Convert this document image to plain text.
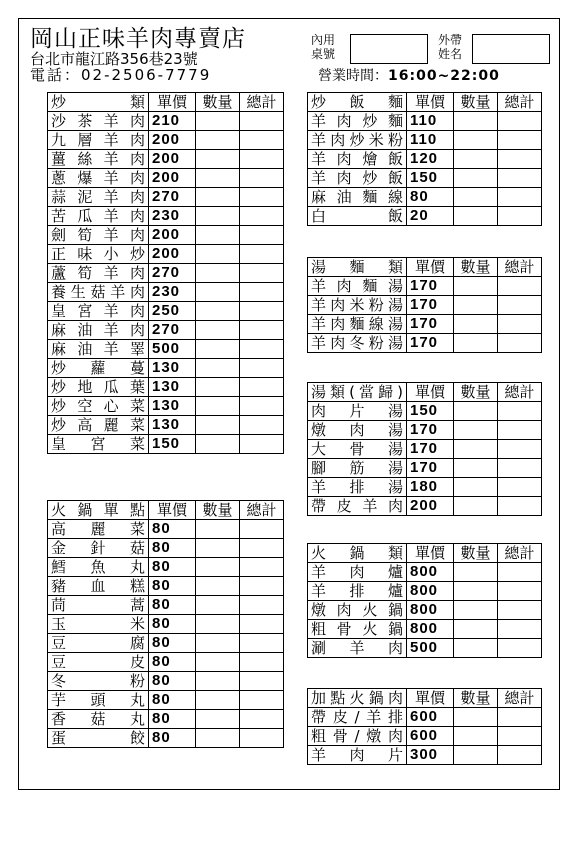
岡山正味羊肉專賣店
台北市龍江路356巷23號
電話：02-2506-7779	營業時間：16:00~22:00
內用
桌號
外帶
姓名
炒類	單價	數量	總計
沙茶羊肉	210		
九層羊肉	200		
薑絲羊肉	200		
蔥爆羊肉	200		
蒜泥羊肉	270		
苦瓜羊肉	230		
劍筍羊肉	200		
正味小炒	200		
蘆筍羊肉	270		
養生菇羊肉	230		
皇宮羊肉	250		
麻油羊肉	270		
麻油羊睪	500		
炒蘿蔓	130		
炒地瓜葉	130		
炒空心菜	130		
炒高麗菜	130		
皇宮菜	150		
火鍋單點	單價	數量	總計
高麗菜	80		
金針菇	80		
鱈魚丸	80		
豬血糕	80		
茼蒿	80		
玉米	80		
豆腐	80		
豆皮	80		
冬粉	80		
芋頭丸	80		
香菇丸	80		
蛋餃	80		
炒飯麵	單價	數量	總計
羊肉炒麵	110		
羊肉炒米粉	110		
羊肉燴飯	120		
羊肉炒飯	150		
麻油麵線	80		
白飯	20		
湯麵類	單價	數量	總計
羊肉麵湯	170		
羊肉米粉湯	170		
羊肉麵線湯	170		
羊肉冬粉湯	170		
湯類(當歸)	單價	數量	總計
肉片湯	150		
燉肉湯	170		
大骨湯	170		
腳筋湯	170		
羊排湯	180		
帶皮羊肉	200		
火鍋類	單價	數量	總計
羊肉爐	800		
羊排爐	800		
燉肉火鍋	800		
粗骨火鍋	800		
涮羊肉	500		
加點火鍋肉	單價	數量	總計
帶皮/羊排	600		
粗骨/燉肉	600		
羊肉片	300		
